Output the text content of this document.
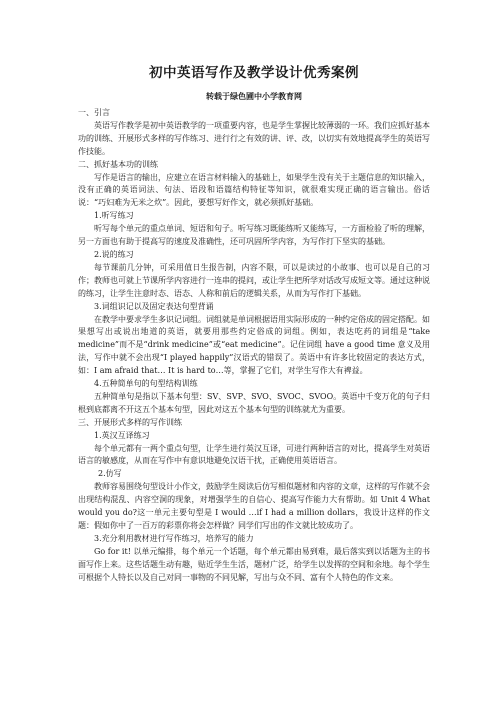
初中英语写作及教学设计优秀案例
转载于绿色圃中小学教育网

一、引言

英语写作教学是初中英语教学的一项重要内容，也是学生掌握比较薄弱的一环。我们应抓好基本功的训练、开展形式多样的写作练习、进行行之有效的讲、评、改，以切实有效地提高学生的英语写作技能。

二、抓好基本功的训练

写作是语言的输出，应建立在语言材料输入的基础上，如果学生没有关于主题信息的知识输入，没有正确的英语词法、句法、语段和语篇结构特征等知识，就很难实现正确的语言输出。俗话说：“巧妇难为无米之炊”。因此，要想写好作文，就必须抓好基础。

1.听写练习

听写每个单元的重点单词、短语和句子。听写练习既能练听又能练写，一方面检验了听的理解，另一方面也有助于提高写的速度及准确性，还可巩固所学内容，为写作打下坚实的基础。

2.说的练习

每节课前几分钟，可采用值日生报告制，内容不限，可以是读过的小故事、也可以是自己的习作；教师也可就上节课所学内容进行一连串的提问，或让学生把所学对话改写成短文等。通过这种说的练习，让学生注意时态、语态、人称和前后的逻辑关系，从而为写作打下基础。

3.词组识记以及固定表达句型背诵

在教学中要求学生多识记词组。词组就是单词根据语用实际形成的一种约定俗成的固定搭配。如果想写出或说出地道的英语，就要用那些约定俗成的词组。例如，表达吃药的词组是“take medicine”而不是“drink medicine”或“eat medicine”。记住词组 have a good time 意义及用法，写作中就不会出现“I played happily”汉语式的错误了。英语中有许多比较固定的表达方式，如：I am afraid that… It is hard to…等，掌握了它们，对学生写作大有裨益。

4.五种简单句的句型结构训练

五种简单句是指以下基本句型：SV、SVP、SVO、SVOC、SVOO。英语中千变万化的句子归根到底都离不开这五个基本句型，因此对这五个基本句型的训练就尤为重要。

三、开展形式多样的写作训练

1.英汉互译练习

每个单元都有一两个重点句型，让学生进行英汉互译，可进行两种语言的对比，提高学生对英语语言的敏感度，从而在写作中有意识地避免汉语干扰，正确使用英语语言。

2.仿写

教师容易围绕句型设计小作文，鼓励学生阅读后仿写相似题材和内容的文章，这样的写作就不会出现结构混乱、内容空洞的现象，对增强学生的自信心、提高写作能力大有帮助。如 Unit 4 What would you do?这一单元主要句型是 I would …if I had a million dollars，我设计这样的作文题：假如你中了一百万的彩票你将会怎样做？同学们写出的作文就比较成功了。

3.充分利用教材进行写作练习，培养写的能力

Go for it! 以单元编排，每个单元一个话题，每个单元都由易到难，最后落实到以话题为主的书面写作上来。这些话题生动有趣，贴近学生生活，题材广泛，给学生以发挥的空间和余地。每个学生可根据个人特长以及自己对同一事物的不同见解，写出与众不同、富有个人特色的作文来。
